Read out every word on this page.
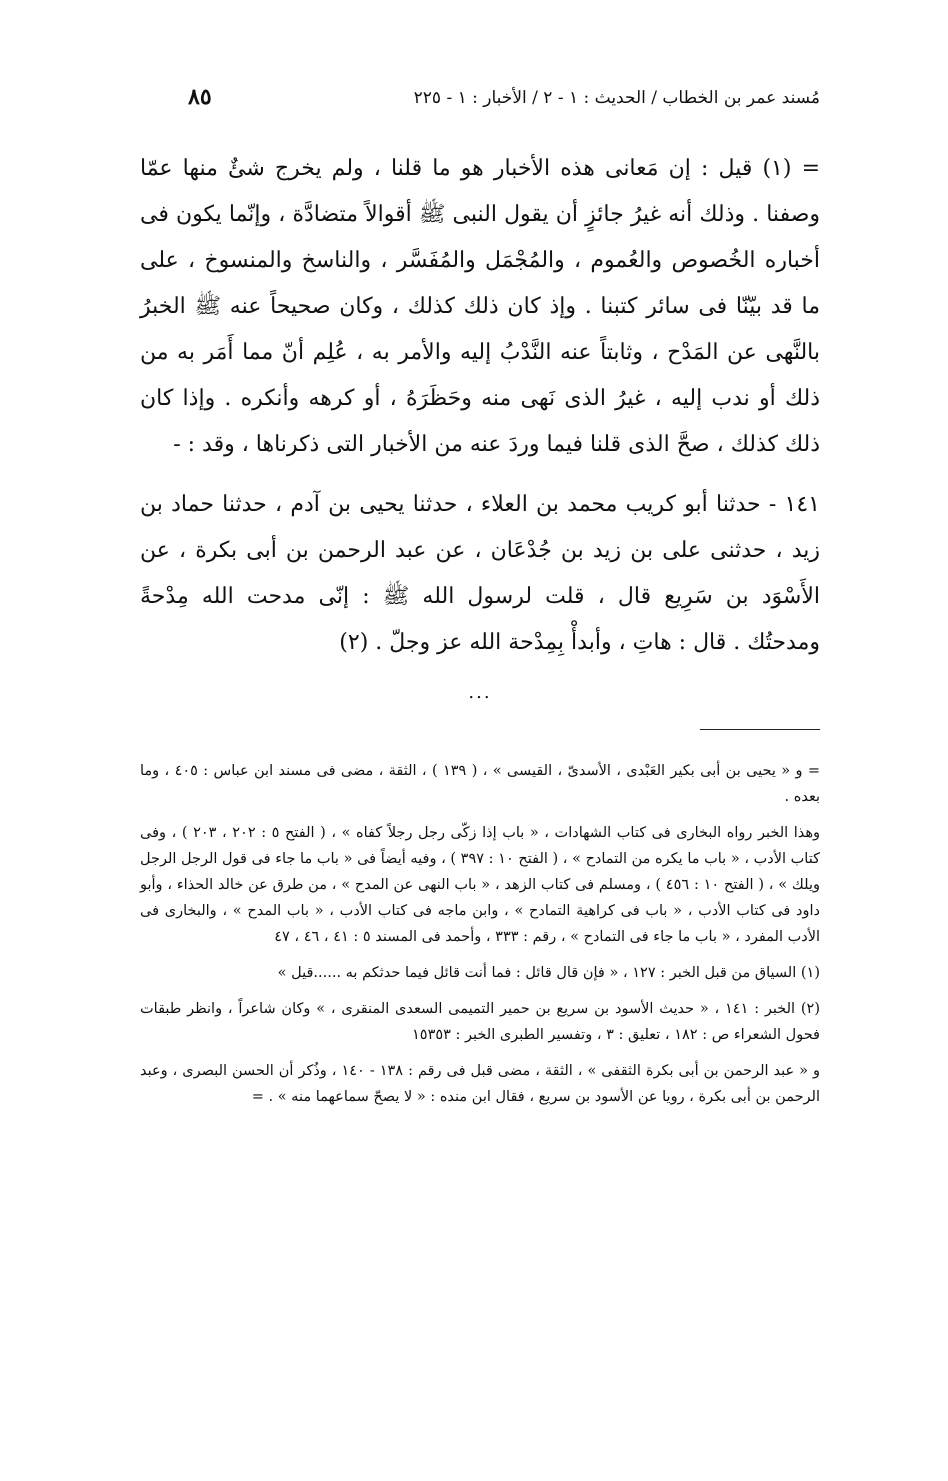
مُسند عمر بن الخطاب / الحديث : ١ - ٢ / الأخبار : ١ - ٢٢٥
٨٥

= (١) قيل : إن مَعانى هذه الأخبار هو ما قلنا ، ولم يخرج شئٌ منها عمّا وصفنا . وذلك أنه غيرُ جائزٍ أن يقول النبى ﷺ أقوالاً متضادَّة ، وإنّما يكون فى أخباره الخُصوص والعُموم ، والمُجْمَل والمُفَسَّر ، والناسخ والمنسوخ ، على ما قد بيّنّا فى سائر كتبنا . وإذ كان ذلك كذلك ، وكان صحيحاً عنه ﷺ الخبرُ بالنَّهى عن المَدْح ، وثابتاً عنه النَّدْبُ إليه والأمر به ، عُلِم أنّ مما أَمَر به من ذلك أو ندب إليه ، غيرُ الذى نَهى منه وحَظَرَهُ ، أو كرهه وأنكره . وإذا كان ذلك كذلك ، صحَّ الذى قلنا فيما وردَ عنه من الأخبار التى ذكرناها ، وقد : -

١٤١ - حدثنا أبو كريب محمد بن العلاء ، حدثنا يحيى بن آدم ، حدثنا حماد بن زيد ، حدثنى على بن زيد بن جُدْعَان ، عن عبد الرحمن بن أبى بكرة ، عن الأَسْوَد بن سَرِيع قال ، قلت لرسول الله ﷺ : إنّى مدحت الله مِدْحةً ومدحتُك . قال : هاتِ ، وأبدأْ بِمِدْحة الله عز وجلّ . (٢)

...

= و « يحيى بن أبى بكير العَبْدى ، الأسدىّ ، القيسى » ، ( ١٣٩ ) ، الثقة ، مضى فى مسند ابن عباس : ٤٠٥ ، وما بعده .

وهذا الخبر رواه البخارى فى كتاب الشهادات ، « باب إذا زكّى رجل رجلاً كفاه » ، ( الفتح ٥ : ٢٠٢ ، ٢٠٣ ) ، وفى كتاب الأدب ، « باب ما يكره من التمادح » ، ( الفتح ١٠ : ٣٩٧ ) ، وفيه أيضاً فى « باب ما جاء فى قول الرجل الرجل ويلك » ، ( الفتح ١٠ : ٤٥٦ ) ، ومسلم فى كتاب الزهد ، « باب النهى عن المدح » ، من طرق عن خالد الحذاء ، وأبو داود فى كتاب الأدب ، « باب فى كراهية التمادح » ، وابن ماجه فى كتاب الأدب ، « باب المدح » ، والبخارى فى الأدب المفرد ، « باب ما جاء فى التمادح » ، رقم : ٣٣٣ ، وأحمد فى المسند ٥ : ٤١ ، ٤٦ ، ٤٧

(١) السياق من قبل الخبر : ١٢٧ ، « فإن قال قائل : فما أنت قائل فيما حدثكم به ......قيل »

(٢) الخبر : ١٤١ ، « حديث الأسود بن سريع بن حمير التميمى السعدى المنقرى ، » وكان شاعراً ، وانظر طبقات فحول الشعراء ص : ١٨٢ ، تعليق : ٣ ، وتفسير الطبرى الخبر : ١٥٣٥٣

و « عبد الرحمن بن أبى بكرة الثقفى » ، الثقة ، مضى قبل فى رقم : ١٣٨ - ١٤٠ ، وذُكر أن الحسن البصرى ، وعبد الرحمن بن أبى بكرة ، رويا عن الأسود بن سريع ، فقال ابن منده : « لا يصحّ سماعهما منه » . =
